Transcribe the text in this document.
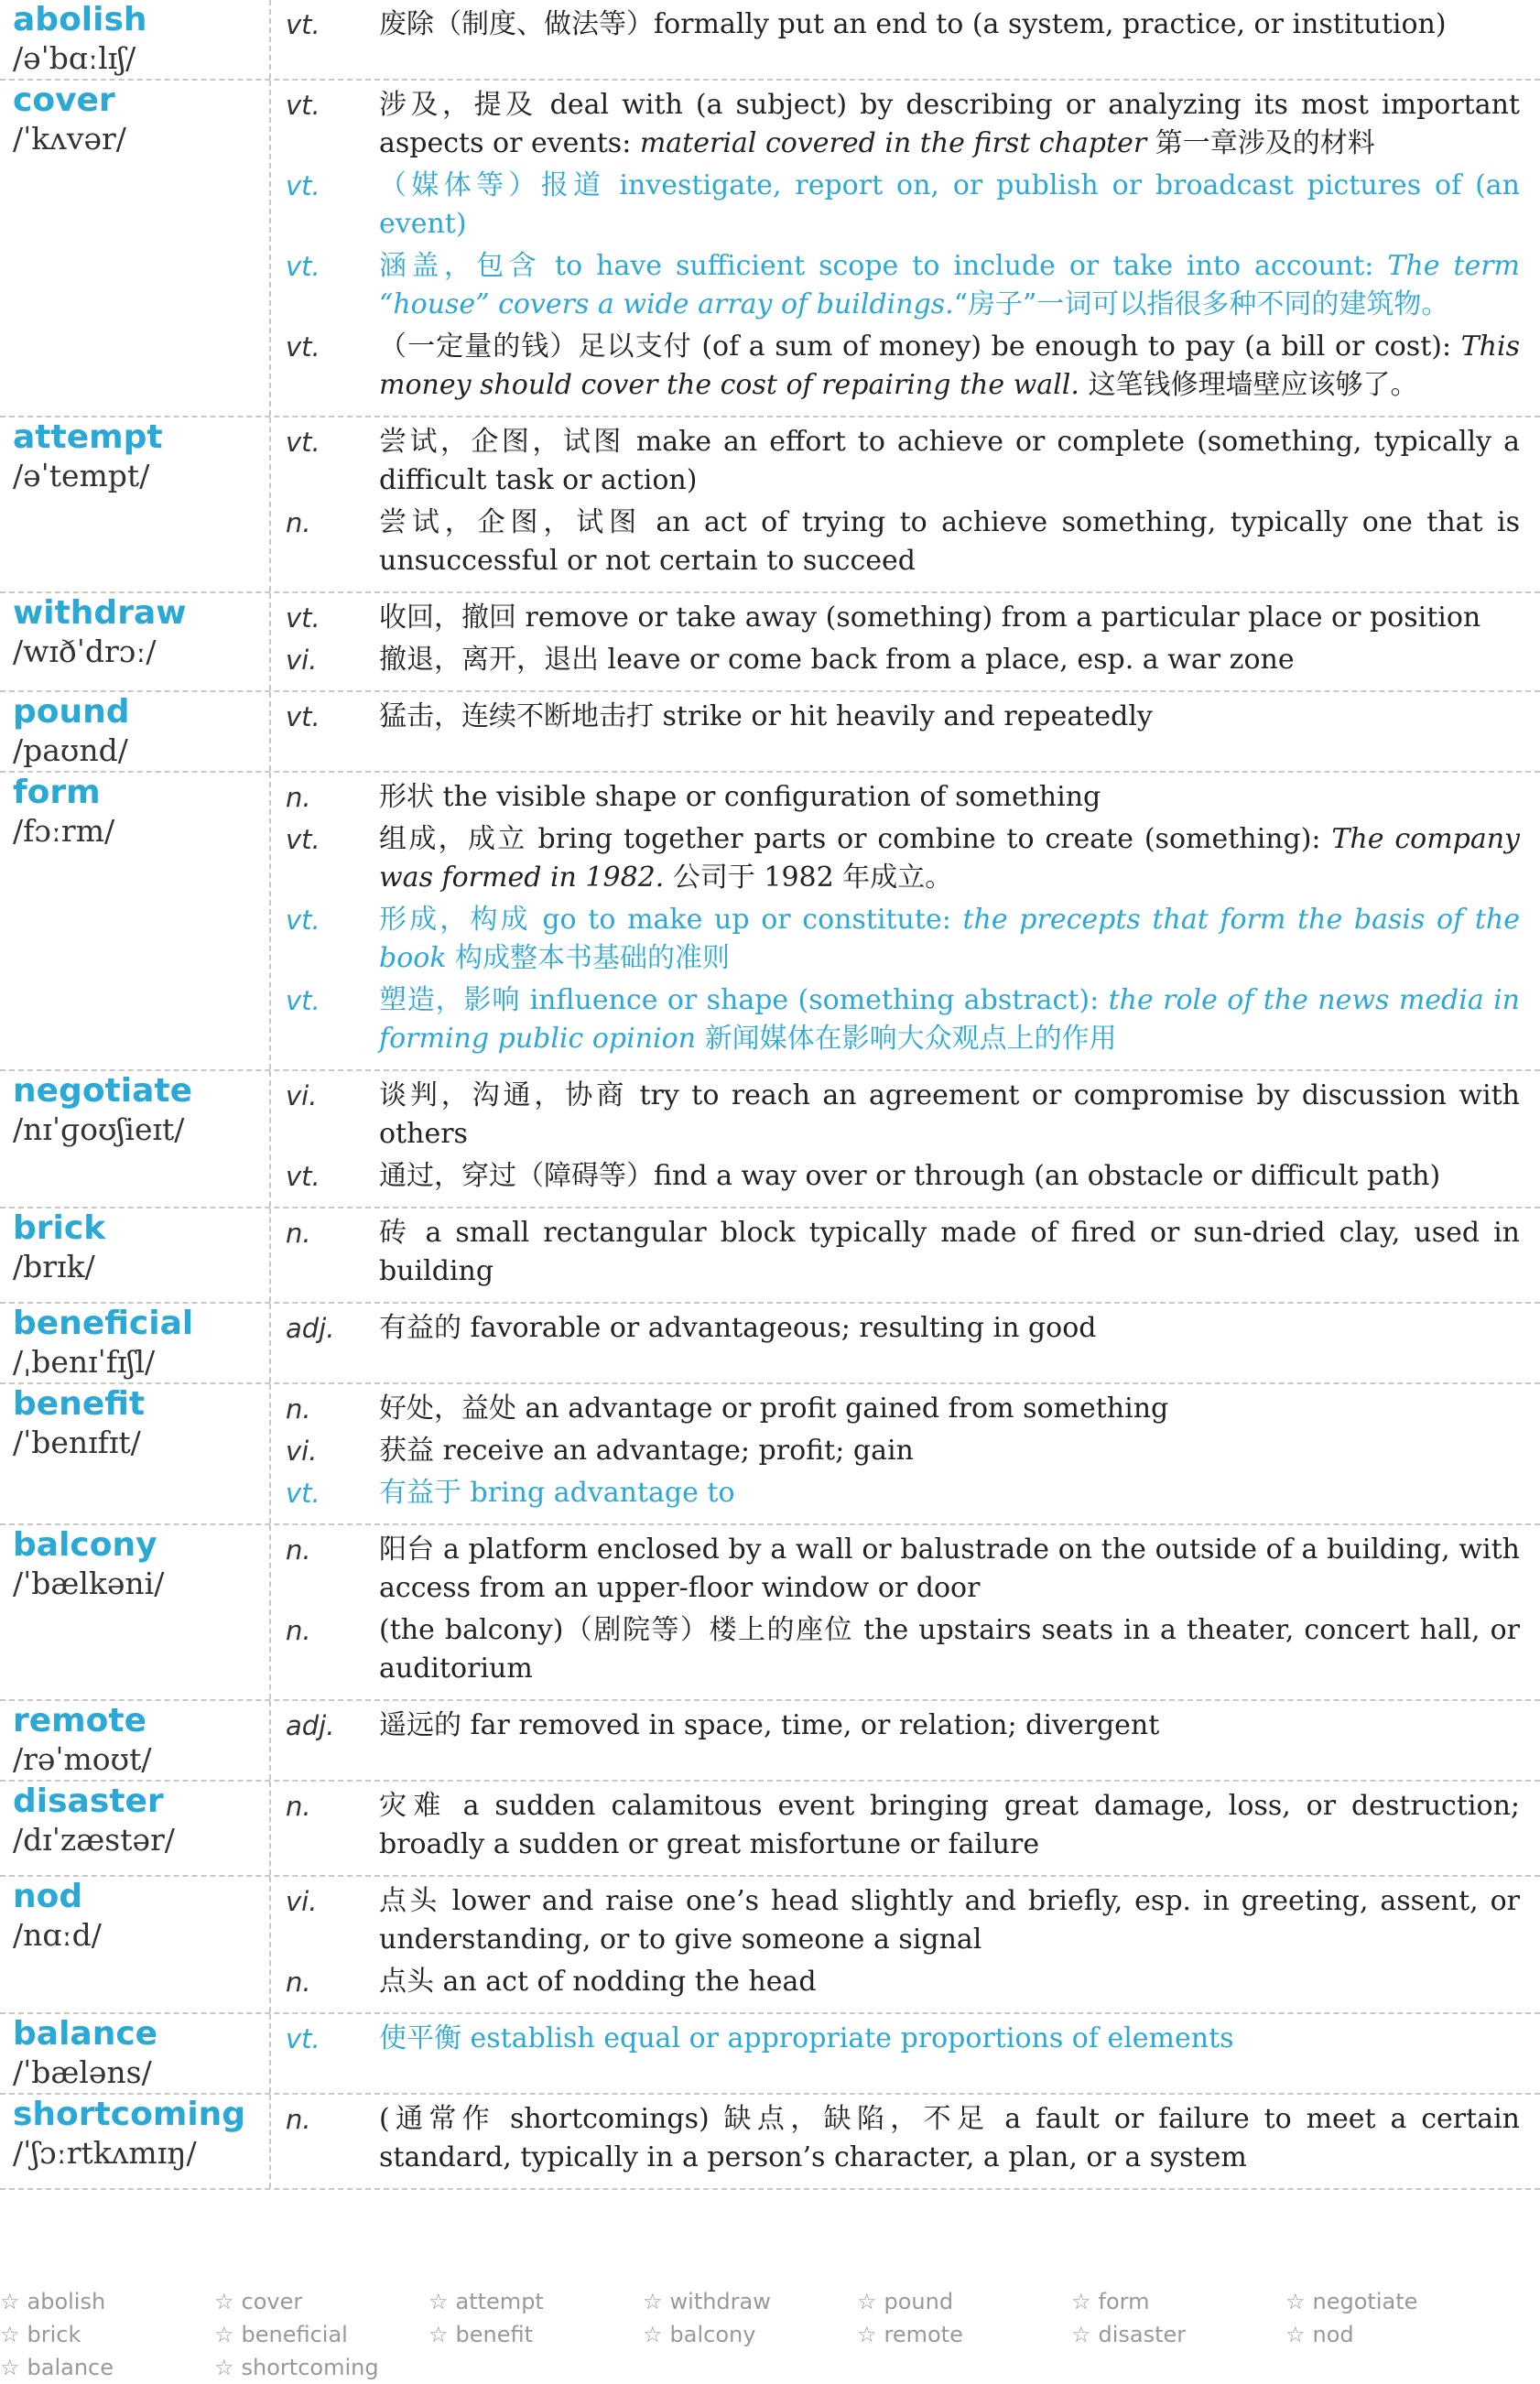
abolish
/əˈbɑːlɪʃ/
vt.	废除（制度、做法等）formally put an end to (a system, practice, or institution)
cover
/ˈkʌvər/
vt.	涉及，提及 deal with (a subject) by describing or analyzing its most important aspects or events: material covered in the first chapter 第一章涉及的材料
vt.	（媒体等）报道 investigate, report on, or publish or broadcast pictures of (an event)
vt.	涵盖，包含 to have sufficient scope to include or take into account: The term “house” covers a wide array of buildings.“房子”一词可以指很多种不同的建筑物。
vt.	（一定量的钱）足以支付 (of a sum of money) be enough to pay (a bill or cost): This money should cover the cost of repairing the wall. 这笔钱修理墙壁应该够了。
attempt
/əˈtempt/
vt.	尝试，企图，试图 make an effort to achieve or complete (something, typically a difficult task or action)
n.	尝试，企图，试图 an act of trying to achieve something, typically one that is unsuccessful or not certain to succeed
withdraw
/wɪðˈdrɔː/
vt.	收回，撤回 remove or take away (something) from a particular place or position
vi.	撤退，离开，退出 leave or come back from a place, esp. a war zone
pound
/paʊnd/
vt.	猛击，连续不断地击打 strike or hit heavily and repeatedly
form
/fɔːrm/
n.	形状 the visible shape or configuration of something
vt.	组成，成立 bring together parts or combine to create (something): The company was formed in 1982. 公司于 1982 年成立。
vt.	形成，构成 go to make up or constitute: the precepts that form the basis of the book 构成整本书基础的准则
vt.	塑造，影响 influence or shape (something abstract): the role of the news media in forming public opinion 新闻媒体在影响大众观点上的作用
negotiate
/nɪˈɡoʊʃieɪt/
vi.	谈判，沟通，协商 try to reach an agreement or compromise by discussion with others
vt.	通过，穿过（障碍等）find a way over or through (an obstacle or difficult path)
brick
/brɪk/
n.	砖 a small rectangular block typically made of fired or sun-dried clay, used in building
beneficial
/ˌbenɪˈfɪʃl/
adj.	有益的 favorable or advantageous; resulting in good
benefit
/ˈbenɪfɪt/
n.	好处，益处 an advantage or profit gained from something
vi.	获益 receive an advantage; profit; gain
vt.	有益于 bring advantage to
balcony
/ˈbælkəni/
n.	阳台 a platform enclosed by a wall or balustrade on the outside of a building, with access from an upper-floor window or door
n.	(the balcony)（剧院等）楼上的座位 the upstairs seats in a theater, concert hall, or auditorium
remote
/rəˈmoʊt/
adj.	遥远的 far removed in space, time, or relation; divergent
disaster
/dɪˈzæstər/
n.	灾难 a sudden calamitous event bringing great damage, loss, or destruction; broadly a sudden or great misfortune or failure
nod
/nɑːd/
vi.	点头 lower and raise one’s head slightly and briefly, esp. in greeting, assent, or understanding, or to give someone a signal
n.	点头 an act of nodding the head
balance
/ˈbæləns/
vt.	使平衡 establish equal or appropriate proportions of elements
shortcoming
/ˈʃɔːrtkʌmɪŋ/
n.	(通常作 shortcomings) 缺点，缺陷，不足 a fault or failure to meet a certain standard, typically in a person’s character, a plan, or a system
☆ abolish	☆ cover	☆ attempt	☆ withdraw	☆ pound	☆ form	☆ negotiate
☆ brick	☆ beneficial	☆ benefit	☆ balcony	☆ remote	☆ disaster	☆ nod
☆ balance	☆ shortcoming
